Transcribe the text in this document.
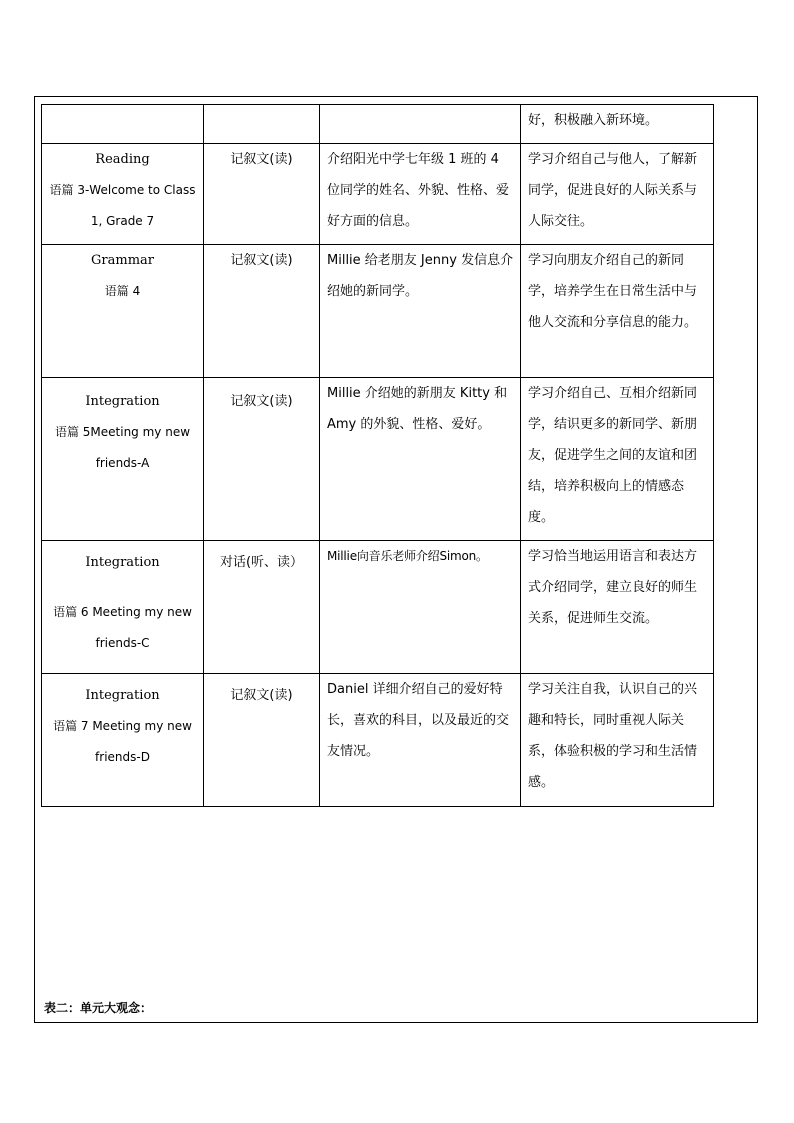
			好，积极融入新环境。

Reading
语篇 3-Welcome to Class
1, Grade 7	记叙文(读)	介绍阳光中学七年级 1 班的 4 位同学的姓名、外貌、性格、爱好方面的信息。	学习介绍自己与他人，了解新同学，促进良好的人际关系与人际交往。

Grammar
语篇 4	记叙文(读)	Millie 给老朋友 Jenny 发信息介绍她的新同学。	学习向朋友介绍自己的新同学，培养学生在日常生活中与他人交流和分享信息的能力。

Integration
语篇 5Meeting my new
friends-A	记叙文(读)	Millie 介绍她的新朋友 Kitty 和 Amy 的外貌、性格、爱好。	学习介绍自己、互相介绍新同学，结识更多的新同学、新朋友，促进学生之间的友谊和团结，培养积极向上的情感态度。

Integration
语篇 6 Meeting my new
friends-C	对话(听、读）	Millie向音乐老师介绍Simon。	学习恰当地运用语言和表达方式介绍同学，建立良好的师生关系，促进师生交流。

Integration
语篇 7 Meeting my new
friends-D	记叙文(读)	Daniel 详细介绍自己的爱好特长，喜欢的科目，以及最近的交友情况。	学习关注自我，认识自己的兴趣和特长，同时重视人际关系，体验积极的学习和生活情感。
表二：单元大观念：
